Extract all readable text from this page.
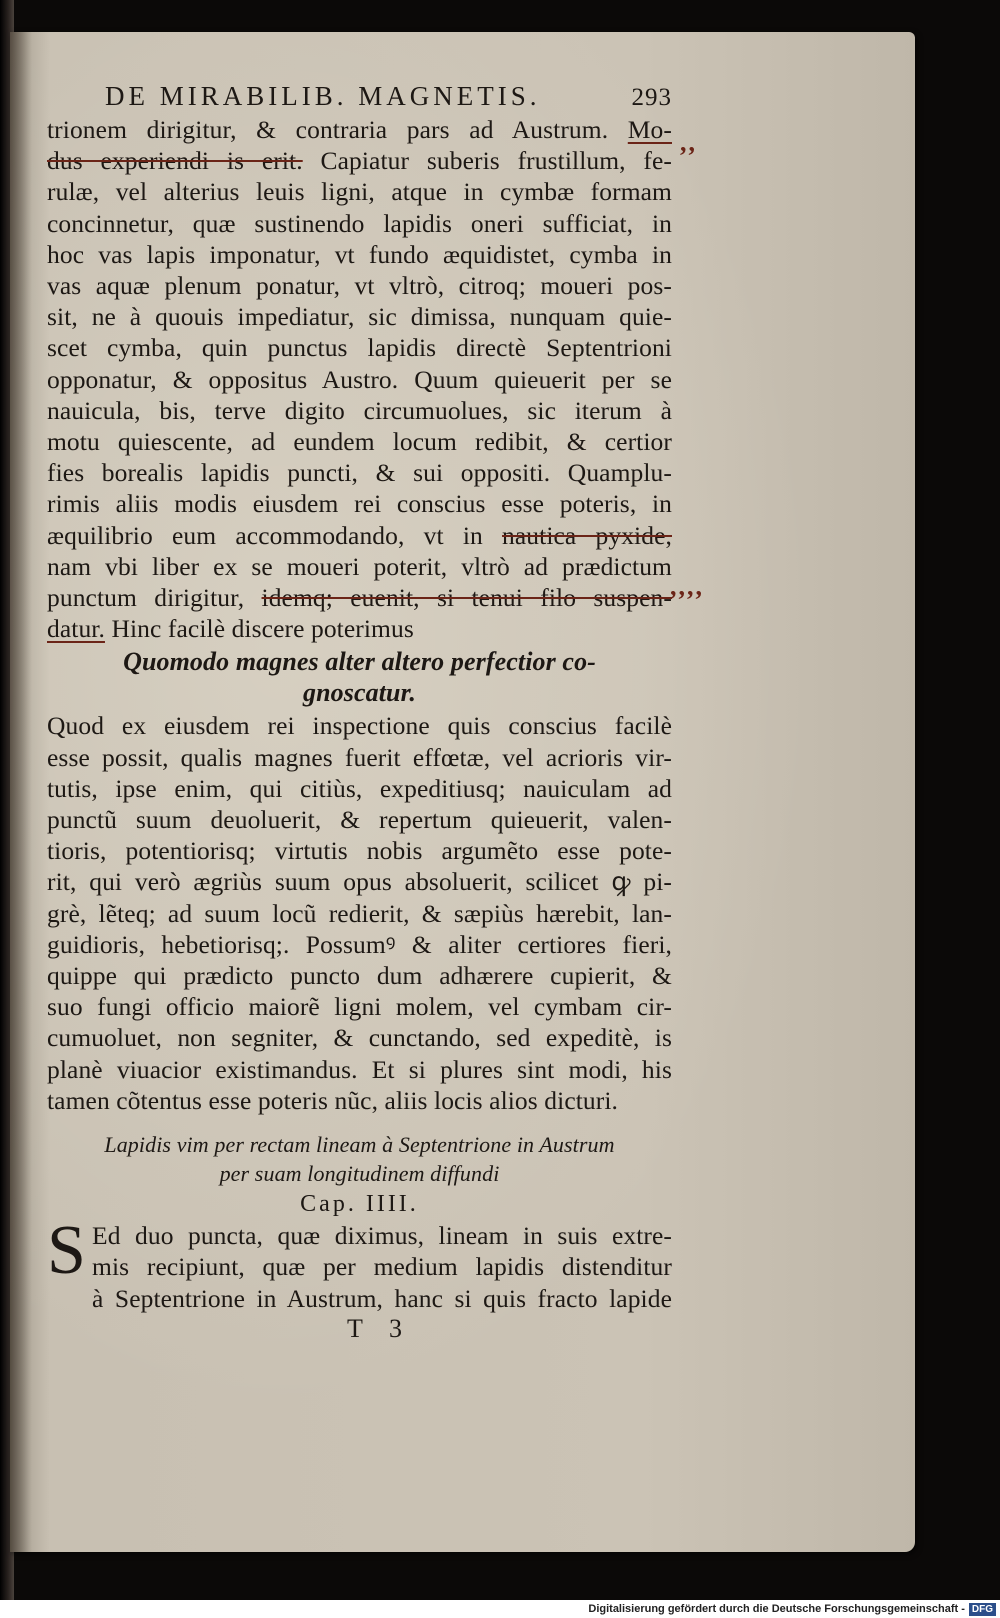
DE MIRABILIB. MAGNETIS.	293
trionem dirigitur, & contraria pars ad Austrum. Mo-
dus experiendi is erit. Capiatur suberis frustillum, fe-
rulæ, vel alterius leuis ligni, atque in cymbæ formam
concinnetur, quæ sustinendo lapidis oneri sufficiat, in
hoc vas lapis imponatur, vt fundo æquidistet, cymba in
vas aquæ plenum ponatur, vt vltrò, citroq; moueri pos-
sit, ne à quouis impediatur, sic dimissa, nunquam quie-
scet cymba, quin punctus lapidis directè Septentrioni
opponatur, & oppositus Austro. Quum quieuerit per se
nauicula, bis, terve digito circumuolues, sic iterum à
motu quiescente, ad eundem locum redibit, & certior
fies borealis lapidis puncti, & sui oppositi. Quamplu-
rimis aliis modis eiusdem rei conscius esse poteris, in
æquilibrio eum accommodando, vt in nautica pyxide,
nam vbi liber ex se moueri poterit, vltrò ad prædictum
punctum dirigitur, idemq; euenit, si tenui filo suspen-
datur. Hinc facilè discere poterimus
Quomodo magnes alter altero perfectior co-
gnoscatur.
Quod ex eiusdem rei inspectione quis conscius facilè
esse possit, qualis magnes fuerit effœtæ, vel acrioris vir-
tutis, ipse enim, qui citiùs, expeditiusq; nauiculam ad
punctũ suum deuoluerit, & repertum quieuerit, valen-
tioris, potentiorisq; virtutis nobis argumẽto esse pote-
rit, qui verò ægriùs suum opus absoluerit, scilicet ꝙ pi-
grè, lẽteq; ad suum locũ redierit, & sæpiùs hærebit, lan-
guidioris, hebetiorisq;. Possumꝰ & aliter certiores fieri,
quippe qui prædicto puncto dum adhærere cupierit, &
suo fungi officio maiorẽ ligni molem, vel cymbam cir-
cumuoluet, non segniter, & cunctando, sed expeditè, is
planè viuacior existimandus. Et si plures sint modi, his
tamen cõtentus esse poteris nũc, aliis locis alios dicturi.
Lapidis vim per rectam lineam à Septentrione in Austrum
per suam longitudinem diffundi
Cap. IIII.
S Ed duo puncta, quæ diximus, lineam in suis extre-
mis recipiunt, quæ per medium lapidis distenditur
à Septentrione in Austrum, hanc si quis fracto lapide
T 3
,,
,,,,
Digitalisierung gefördert durch die Deutsche Forschungsgemeinschaft - DFG
